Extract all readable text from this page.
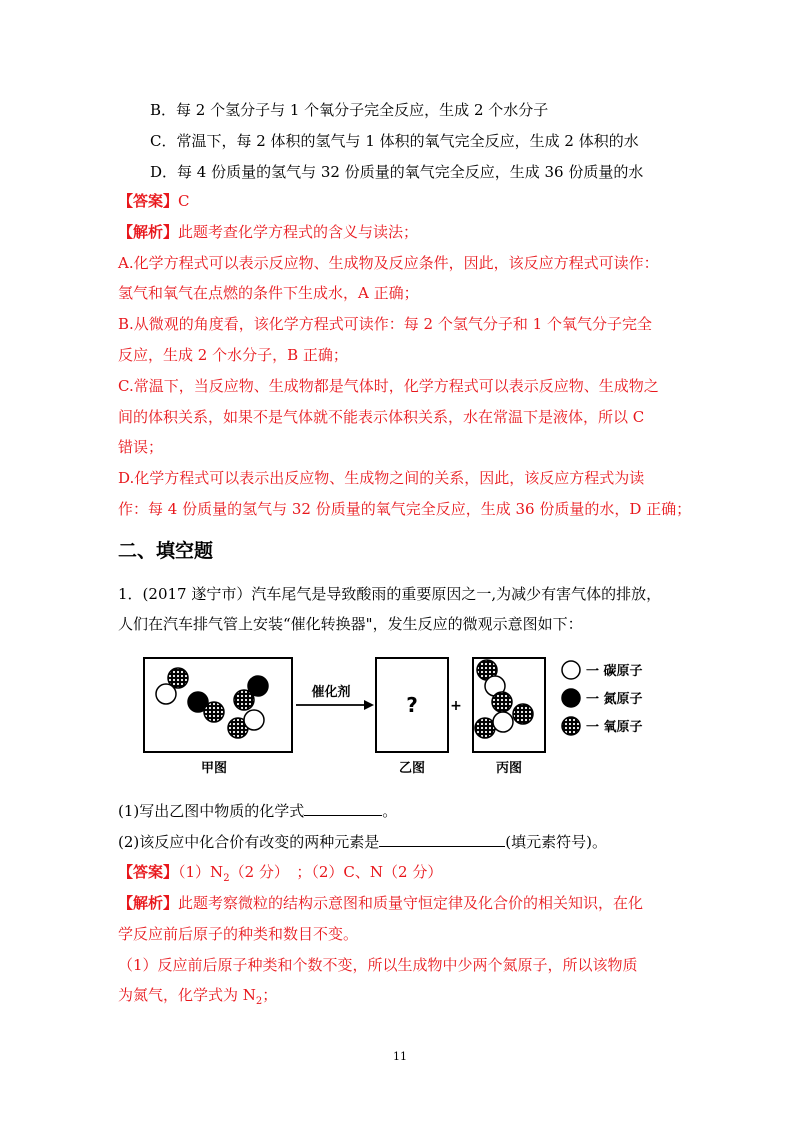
B．每 2 个氢分子与 1 个氧分子完全反应，生成 2 个水分子
C．常温下，每 2 体积的氢气与 1 体积的氧气完全反应，生成 2 体积的水
D．每 4 份质量的氢气与 32 份质量的氧气完全反应，生成 36 份质量的水
【答案】C
【解析】此题考查化学方程式的含义与读法；
A.化学方程式可以表示反应物、生成物及反应条件，因此，该反应方程式可读作：
氢气和氧气在点燃的条件下生成水，A 正确；
B.从微观的角度看，该化学方程式可读作：每 2 个氢气分子和 1 个氧气分子完全
反应，生成 2 个水分子，B 正确；
C.常温下，当反应物、生成物都是气体时，化学方程式可以表示反应物、生成物之
间的体积关系，如果不是气体就不能表示体积关系，水在常温下是液体，所以 C
错误；
D.化学方程式可以表示出反应物、生成物之间的关系，因此，该反应方程式为读
作：每 4 份质量的氢气与 32 份质量的氧气完全反应，生成 36 份质量的水，D 正确；
二、填空题
1．(2017 遂宁市）汽车尾气是导致酸雨的重要原因之一,为减少有害气体的排放，
人们在汽车排气管上安装“催化转换器"，发生反应的微观示意图如下：
催化剂
? +
一 碳原子
一 氮原子
一 氧原子
甲图	乙图	丙图
(1)写出乙图中物质的化学式	。
(2)该反应中化合价有改变的两种元素是	(填元素符号)。
【答案】$(1)N_2(2$ 分）　；（2）C、N（2 分）
【解析】此题考察微粒的结构示意图和质量守恒定律及化合价的相关知识，在化
学反应前后原子的种类和数目不变。
（1）反应前后原子种类和个数不变，所以生成物中少两个氮原子，所以该物质
为氮气，化学式为 $N_2$；
11
